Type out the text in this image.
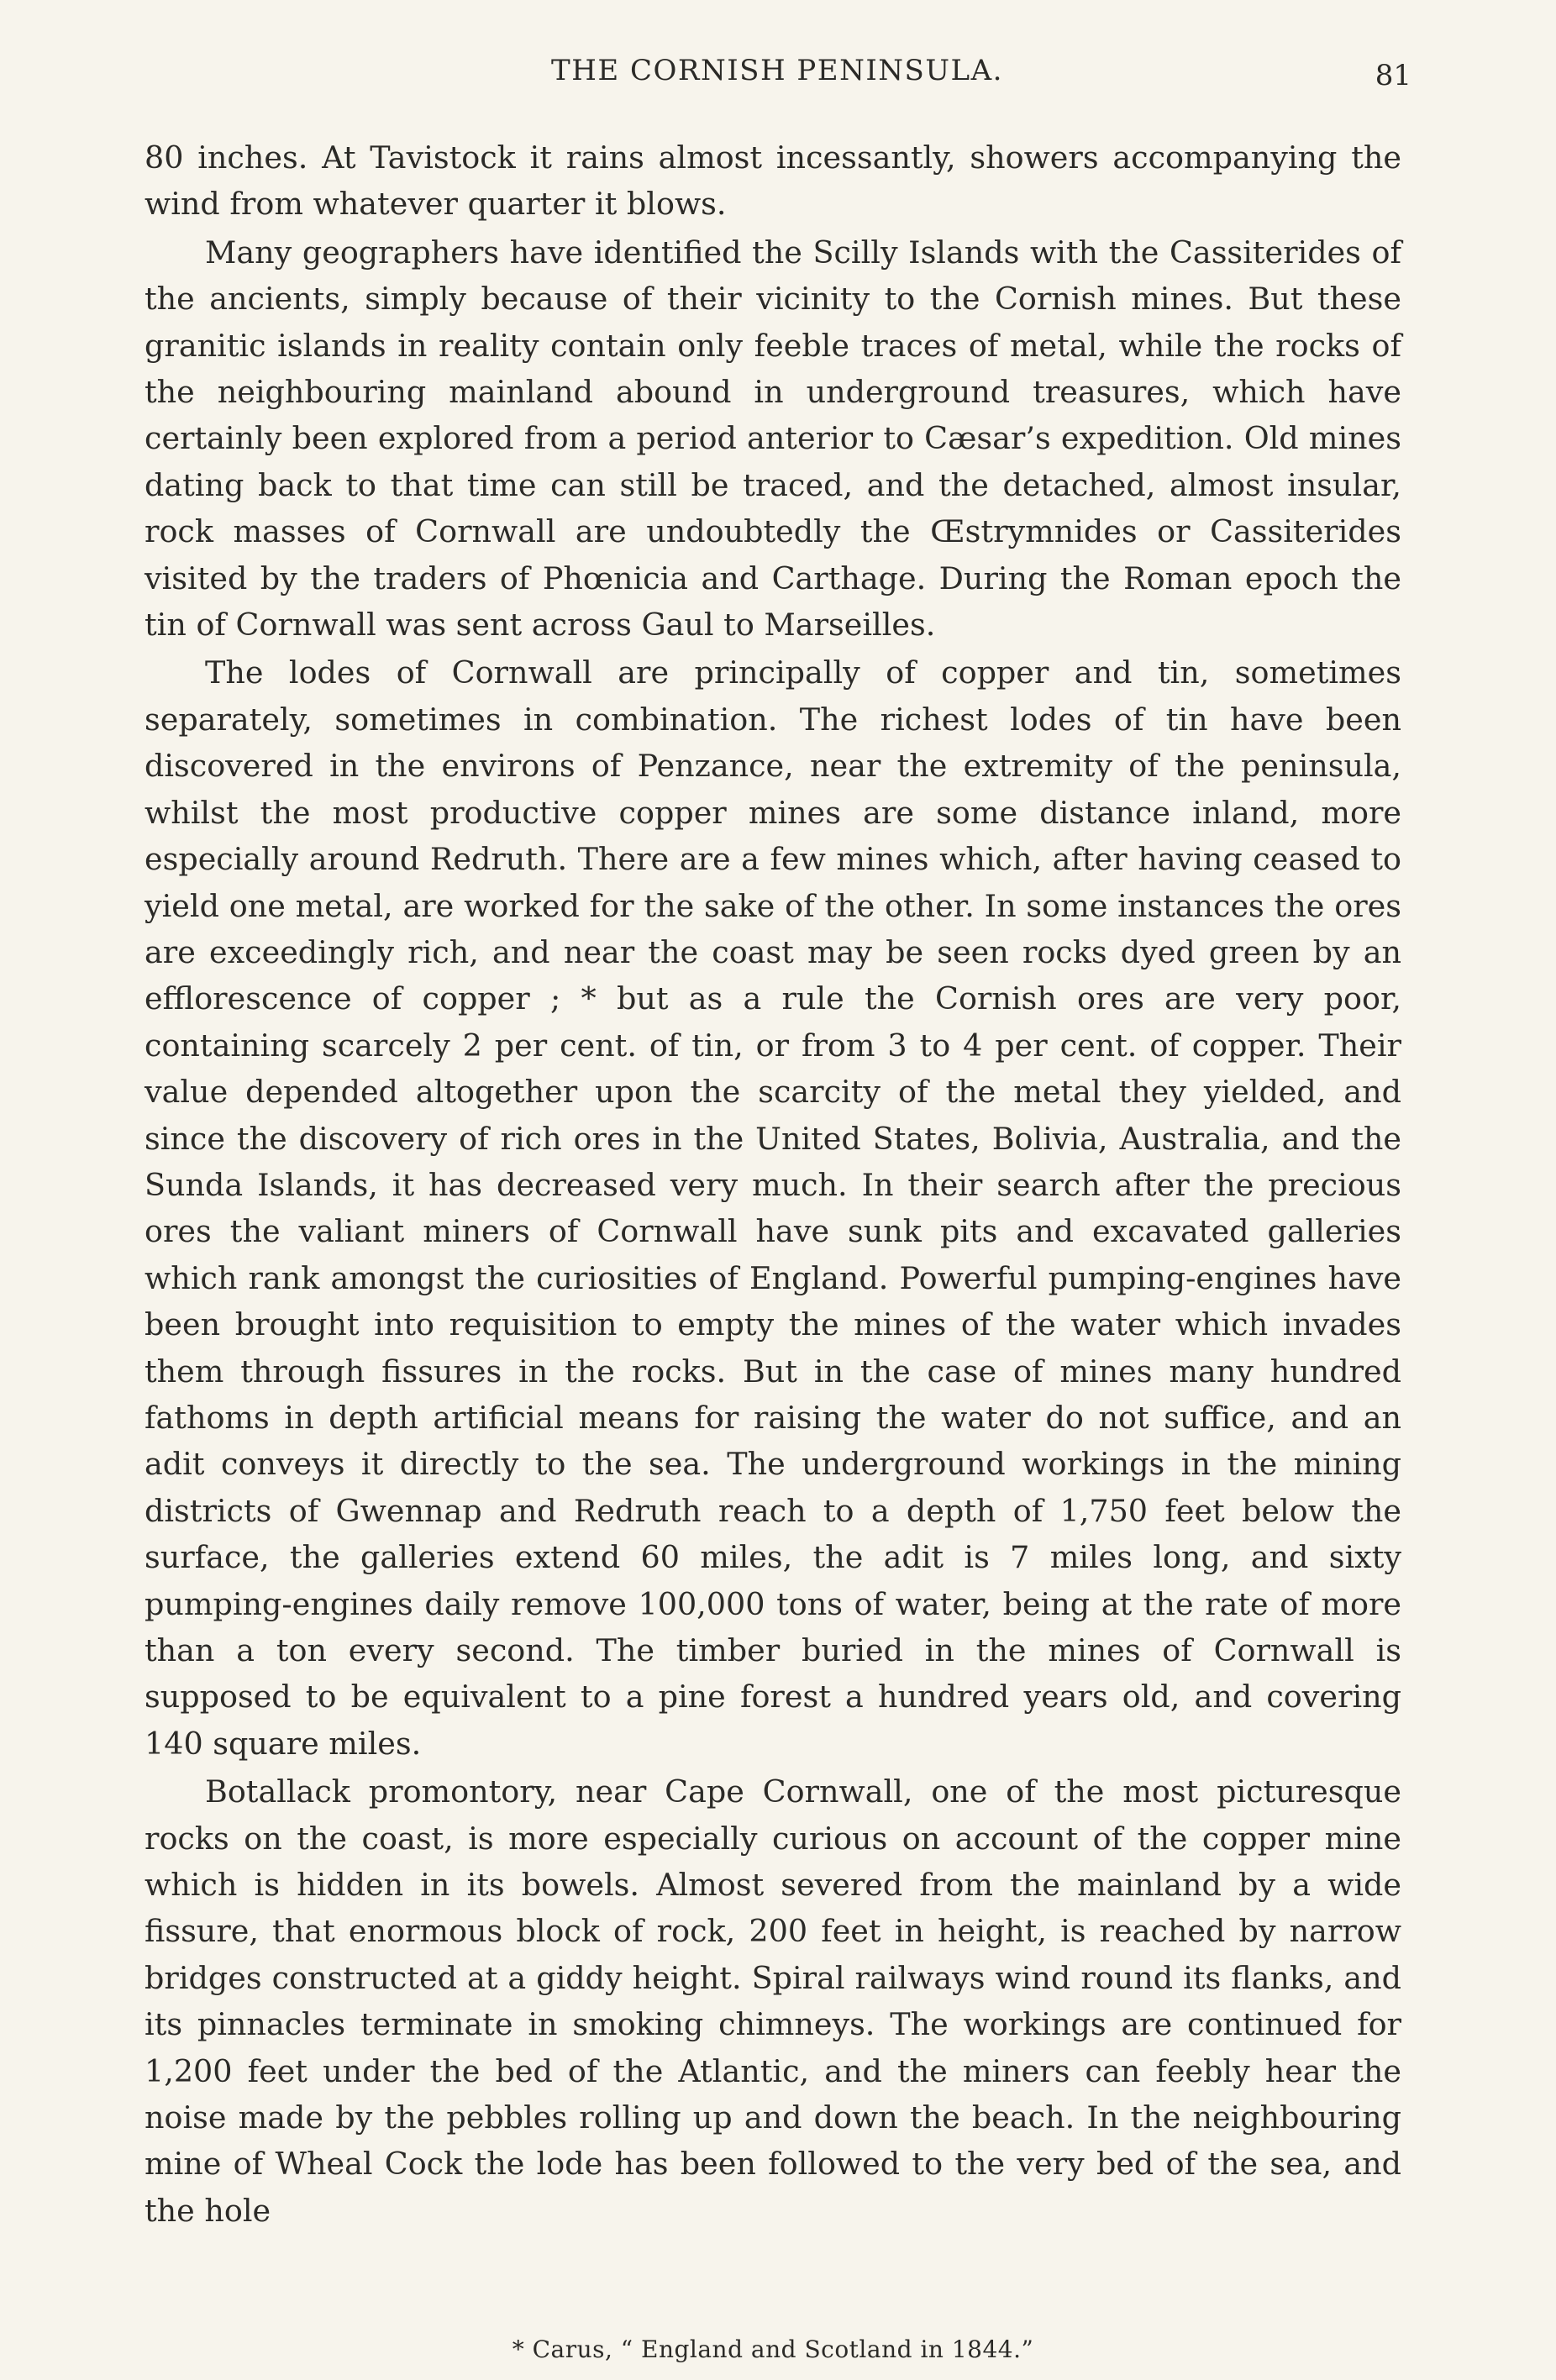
THE CORNISH PENINSULA.	81

80 inches. At Tavistock it rains almost incessantly, showers accompanying the wind from whatever quarter it blows.

Many geographers have identified the Scilly Islands with the Cassiterides of the ancients, simply because of their vicinity to the Cornish mines. But these granitic islands in reality contain only feeble traces of metal, while the rocks of the neighbouring mainland abound in underground treasures, which have certainly been explored from a period anterior to Cæsar’s expedition. Old mines dating back to that time can still be traced, and the detached, almost insular, rock masses of Cornwall are undoubtedly the Œstrymnides or Cassiterides visited by the traders of Phœnicia and Carthage. During the Roman epoch the tin of Cornwall was sent across Gaul to Marseilles.

The lodes of Cornwall are principally of copper and tin, sometimes separately, sometimes in combination. The richest lodes of tin have been discovered in the environs of Penzance, near the extremity of the peninsula, whilst the most productive copper mines are some distance inland, more especially around Redruth. There are a few mines which, after having ceased to yield one metal, are worked for the sake of the other. In some instances the ores are exceedingly rich, and near the coast may be seen rocks dyed green by an efflorescence of copper ; * but as a rule the Cornish ores are very poor, containing scarcely 2 per cent. of tin, or from 3 to 4 per cent. of copper. Their value depended altogether upon the scarcity of the metal they yielded, and since the discovery of rich ores in the United States, Bolivia, Australia, and the Sunda Islands, it has decreased very much. In their search after the precious ores the valiant miners of Cornwall have sunk pits and excavated galleries which rank amongst the curiosities of England. Powerful pumping-engines have been brought into requisition to empty the mines of the water which invades them through fissures in the rocks. But in the case of mines many hundred fathoms in depth artificial means for raising the water do not suffice, and an adit conveys it directly to the sea. The underground workings in the mining districts of Gwennap and Redruth reach to a depth of 1,750 feet below the surface, the galleries extend 60 miles, the adit is 7 miles long, and sixty pumping-engines daily remove 100,000 tons of water, being at the rate of more than a ton every second. The timber buried in the mines of Cornwall is supposed to be equivalent to a pine forest a hundred years old, and covering 140 square miles.

Botallack promontory, near Cape Cornwall, one of the most picturesque rocks on the coast, is more especially curious on account of the copper mine which is hidden in its bowels. Almost severed from the mainland by a wide fissure, that enormous block of rock, 200 feet in height, is reached by narrow bridges constructed at a giddy height. Spiral railways wind round its flanks, and its pinnacles terminate in smoking chimneys. The workings are continued for 1,200 feet under the bed of the Atlantic, and the miners can feebly hear the noise made by the pebbles rolling up and down the beach. In the neighbouring mine of Wheal Cock the lode has been followed to the very bed of the sea, and the hole

* Carus, “ England and Scotland in 1844.”
